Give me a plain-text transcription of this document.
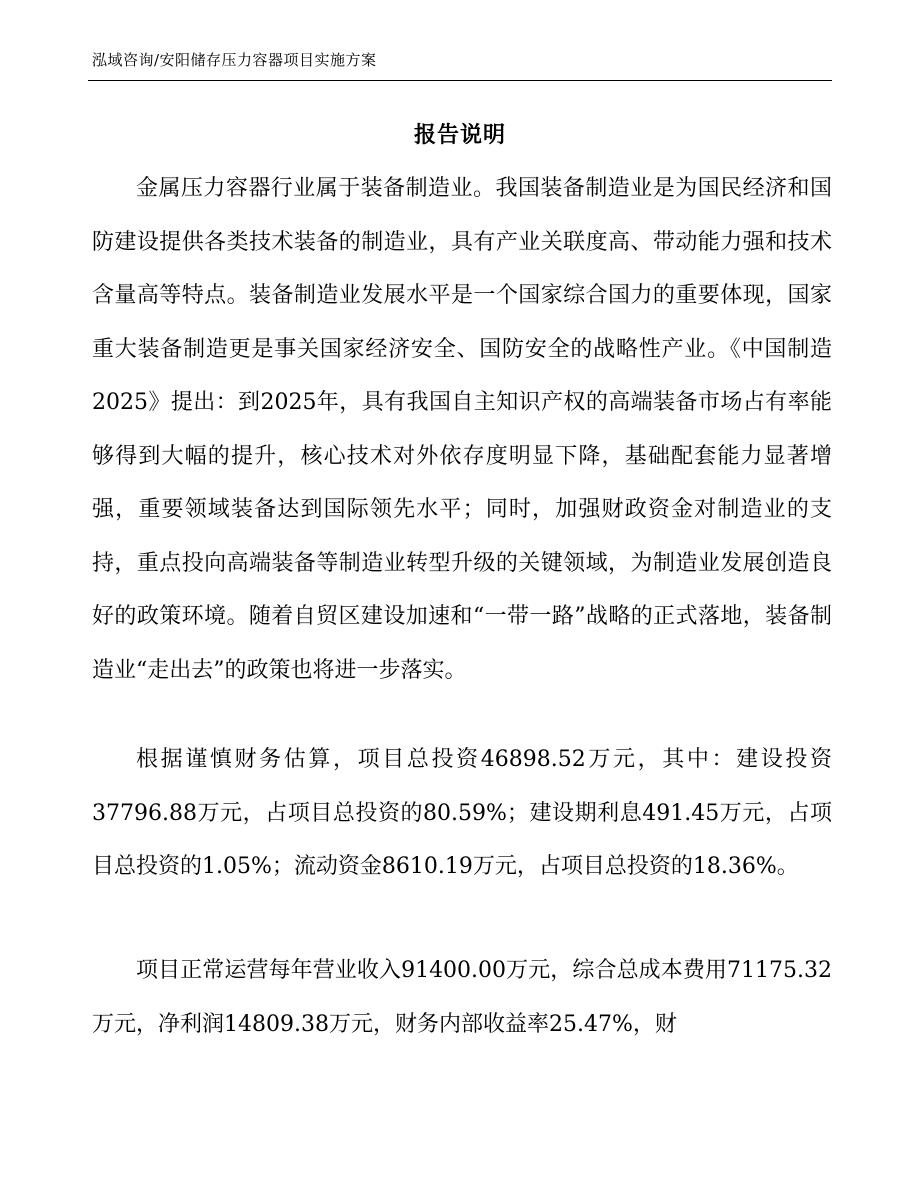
泓域咨询/安阳储存压力容器项目实施方案
报告说明

金属压力容器行业属于装备制造业。我国装备制造业是为国民经济和国防建设提供各类技术装备的制造业，具有产业关联度高、带动能力强和技术含量高等特点。装备制造业发展水平是一个国家综合国力的重要体现，国家重大装备制造更是事关国家经济安全、国防安全的战略性产业。《中国制造2025》提出：到2025年，具有我国自主知识产权的高端装备市场占有率能够得到大幅的提升，核心技术对外依存度明显下降，基础配套能力显著增强，重要领域装备达到国际领先水平；同时，加强财政资金对制造业的支持，重点投向高端装备等制造业转型升级的关键领域，为制造业发展创造良好的政策环境。随着自贸区建设加速和“一带一路”战略的正式落地，装备制造业“走出去”的政策也将进一步落实。

根据谨慎财务估算，项目总投资46898.52万元，其中：建设投资37796.88万元，占项目总投资的80.59%；建设期利息491.45万元，占项目总投资的1.05%；流动资金8610.19万元，占项目总投资的18.36%。

项目正常运营每年营业收入91400.00万元，综合总成本费用71175.32万元，净利润14809.38万元，财务内部收益率25.47%，财
